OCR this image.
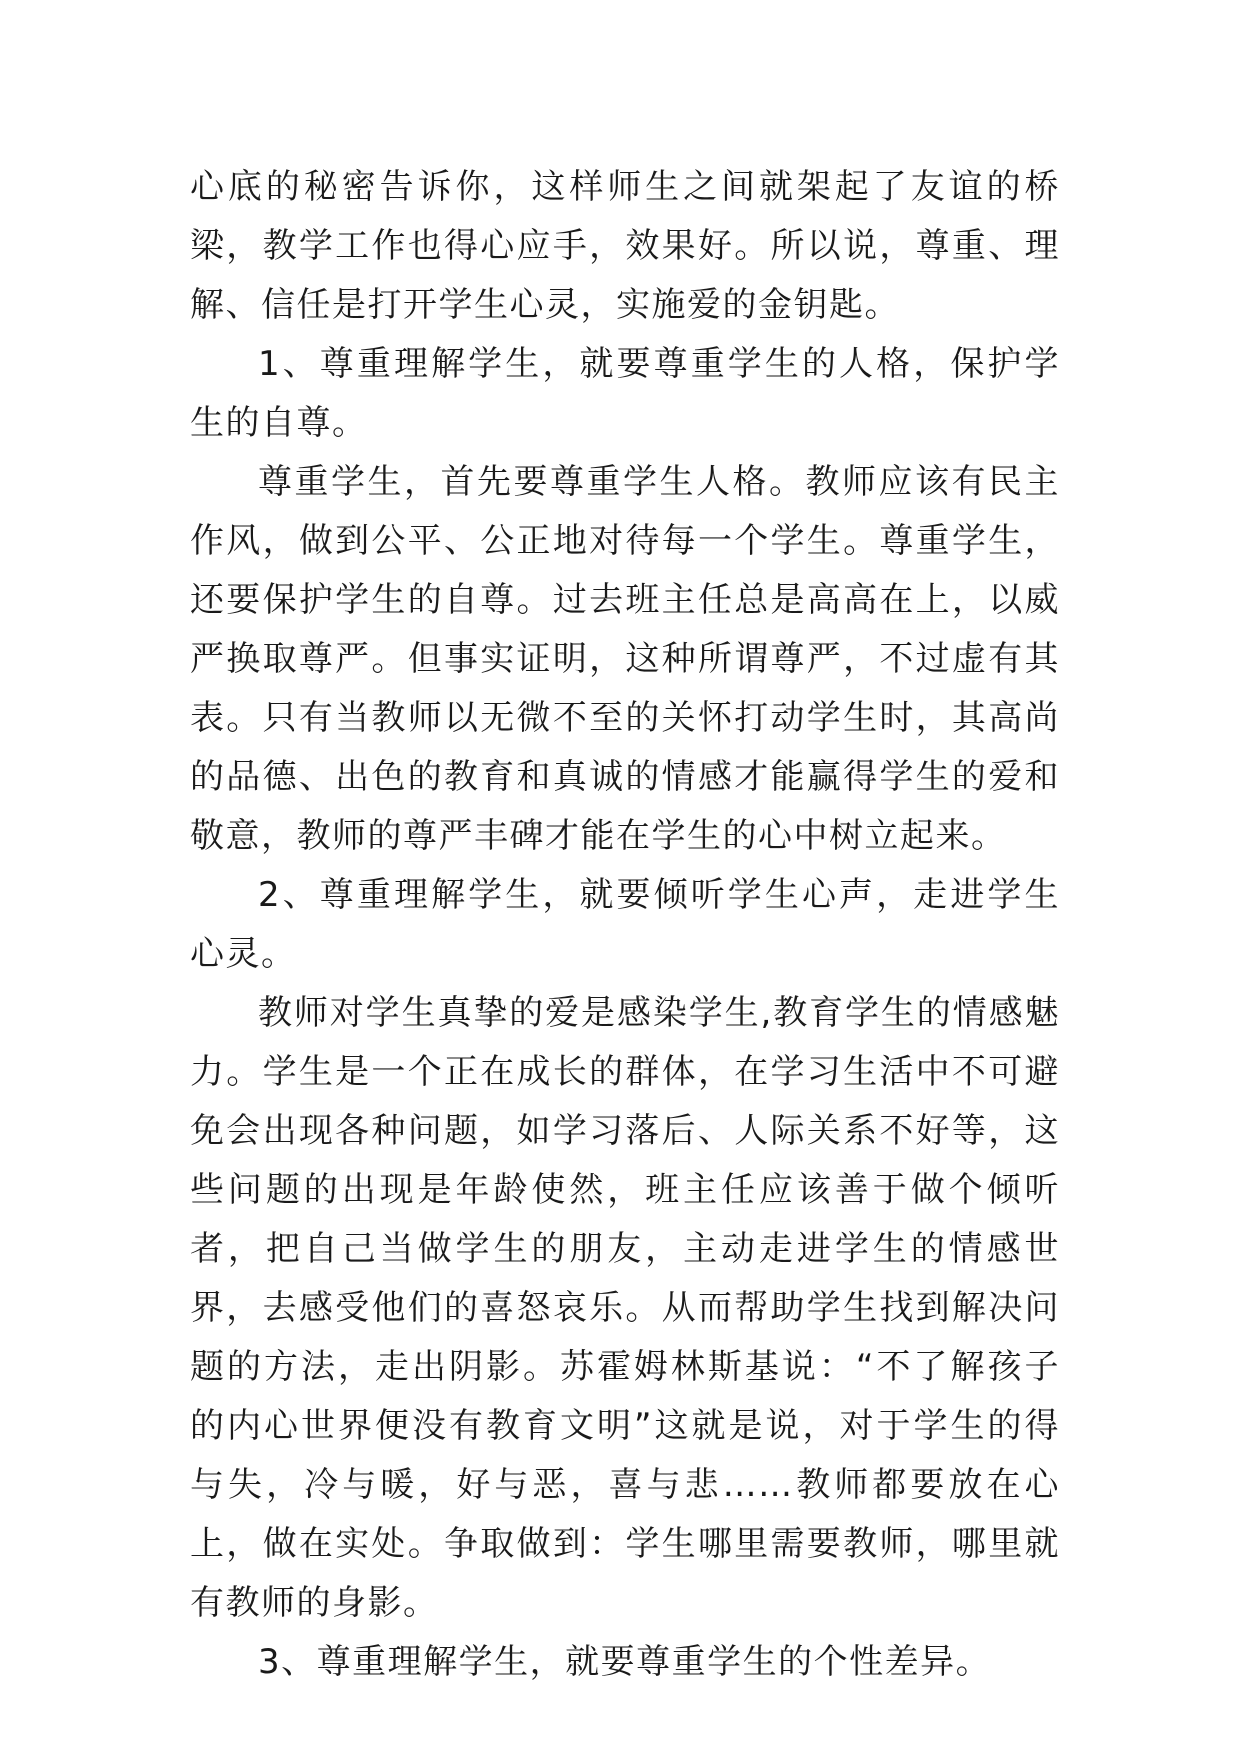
心底的秘密告诉你，这样师生之间就架起了友谊的桥梁，教学工作也得心应手，效果好。所以说，尊重、理解、信任是打开学生心灵，实施爱的金钥匙。

1、尊重理解学生，就要尊重学生的人格，保护学生的自尊。

尊重学生，首先要尊重学生人格。教师应该有民主作风，做到公平、公正地对待每一个学生。尊重学生，还要保护学生的自尊。过去班主任总是高高在上，以威严换取尊严。但事实证明，这种所谓尊严，不过虚有其表。只有当教师以无微不至的关怀打动学生时，其高尚的品德、出色的教育和真诚的情感才能赢得学生的爱和敬意，教师的尊严丰碑才能在学生的心中树立起来。

2、尊重理解学生，就要倾听学生心声，走进学生心灵。

教师对学生真挚的爱是感染学生,教育学生的情感魅力。学生是一个正在成长的群体，在学习生活中不可避免会出现各种问题，如学习落后、人际关系不好等，这些问题的出现是年龄使然，班主任应该善于做个倾听者，把自己当做学生的朋友，主动走进学生的情感世界，去感受他们的喜怒哀乐。从而帮助学生找到解决问题的方法，走出阴影。苏霍姆林斯基说：“不了解孩子的内心世界便没有教育文明”这就是说，对于学生的得与失，冷与暖，好与恶，喜与悲……教师都要放在心上，做在实处。争取做到：学生哪里需要教师，哪里就有教师的身影。

3、尊重理解学生，就要尊重学生的个性差异。
